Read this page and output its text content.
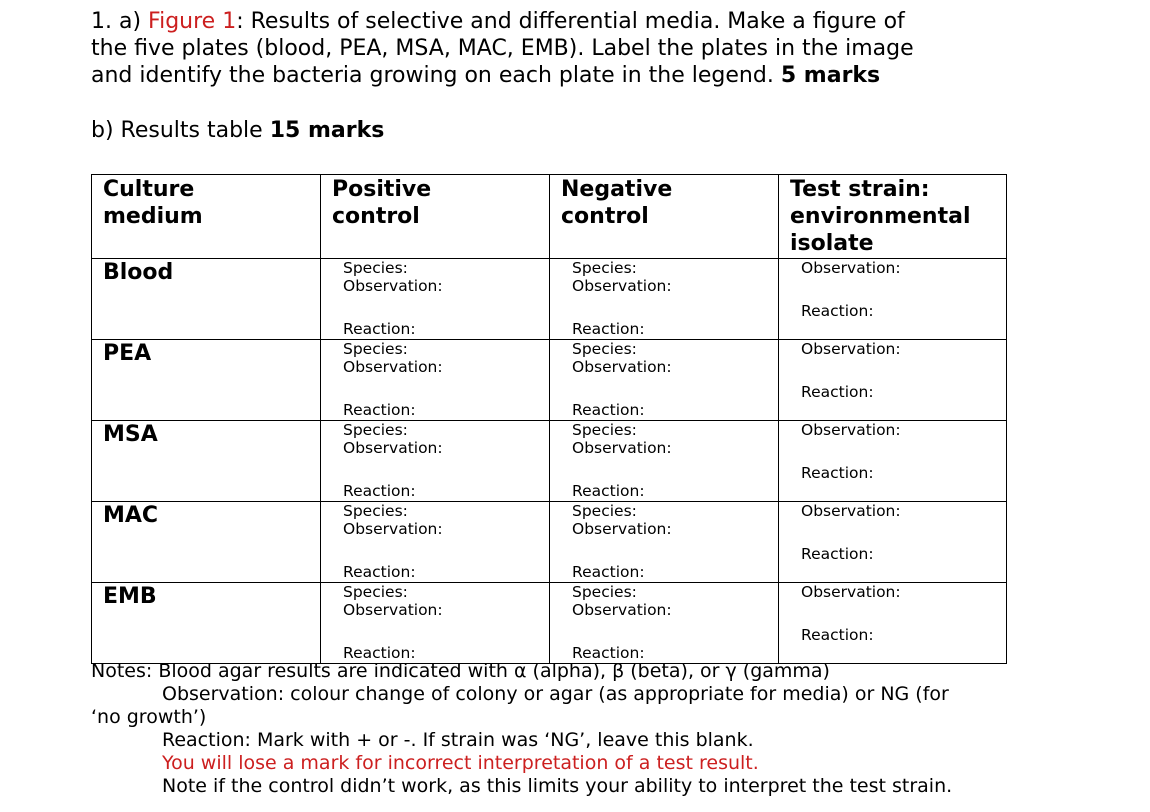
1. a) Figure 1: Results of selective and differential media. Make a figure of

the five plates (blood, PEA, MSA, MAC, EMB). Label the plates in the image

and identify the bacteria growing on each plate in the legend. 5 marks

b) Results table 15 marks

Culture
medium	Positive
control	Negative
control	Test strain:
environmental
isolate
Blood	Species:
Observation:
Reaction:	Species:
Observation:
Reaction:	Observation:
Reaction:

PEA	Species:
Observation:
Reaction:	Species:
Observation:
Reaction:	Observation:
Reaction:

MSA	Species:
Observation:
Reaction:	Species:
Observation:
Reaction:	Observation:
Reaction:

MAC	Species:
Observation:
Reaction:	Species:
Observation:
Reaction:	Observation:
Reaction:

EMB	Species:
Observation:
Reaction:	Species:
Observation:
Reaction:	Observation:
Reaction:

Notes: Blood agar results are indicated with α (alpha), β (beta), or γ (gamma)

Observation: colour change of colony or agar (as appropriate for media) or NG (for

‘no growth’)

Reaction: Mark with + or -. If strain was ‘NG’, leave this blank.

You will lose a mark for incorrect interpretation of a test result.

Note if the control didn’t work, as this limits your ability to interpret the test strain.
